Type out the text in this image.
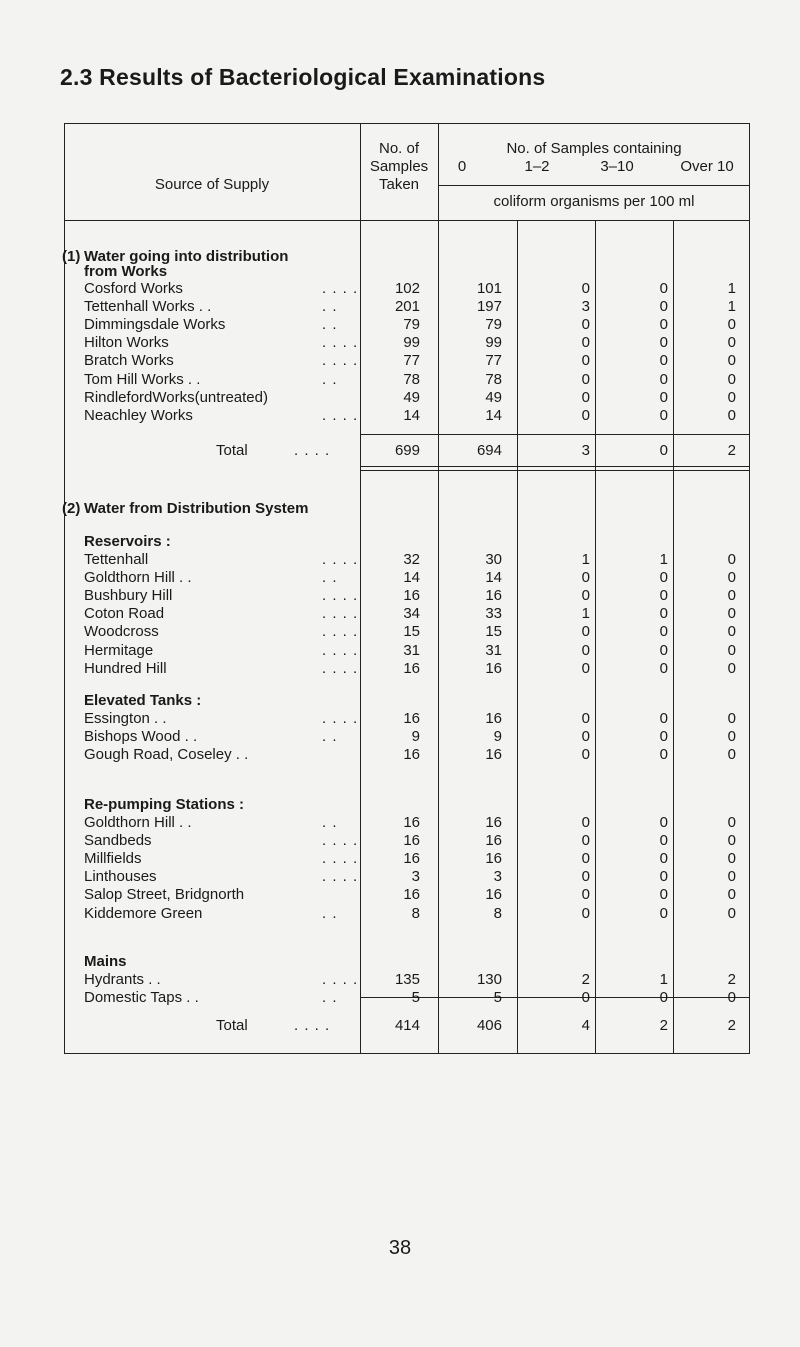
2.3 Results of Bacteriological Examinations
Source of Supply
No. of
Samples
Taken
No. of Samples containing
0	1–2	3–10	Over 10
coliform organisms per 100 ml
(1) Water going into distribution
from Works
(2) Water from Distribution System
Reservoirs :
Elevated Tanks :
Re-pumping Stations :
Mains
Cosford Works	. . . .	102	101	0	0	1
Tettenhall Works . .	. .	201	197	3	0	1
Dimmingsdale Works	. .	79	79	0	0	0
Hilton Works	. . . .	99	99	0	0	0
Bratch Works	. . . .	77	77	0	0	0
Tom Hill Works . .	. .	78	78	0	0	0
RindlefordWorks(untreated)	49	49	0	0	0
Neachley Works	. . . .	14	14	0	0	0
Total	. . . .	699	694	3	0	2
Tettenhall	. . . .	32	30	1	1	0
Goldthorn Hill . .	. .	14	14	0	0	0
Bushbury Hill	. . . .	16	16	0	0	0
Coton Road	. . . .	34	33	1	0	0
Woodcross	. . . .	15	15	0	0	0
Hermitage	. . . .	31	31	0	0	0
Hundred Hill	. . . .	16	16	0	0	0
Essington . .	. . . .	16	16	0	0	0
Bishops Wood . .	. .	9	9	0	0	0
Gough Road, Coseley . .	16	16	0	0	0
Goldthorn Hill . .	. .	16	16	0	0	0
Sandbeds	. . . .	16	16	0	0	0
Millfields	. . . .	16	16	0	0	0
Linthouses	. . . .	3	3	0	0	0
Salop Street, Bridgnorth	16	16	0	0	0
Kiddemore Green	. .	8	8	0	0	0
Hydrants . .	. . . .	135	130	2	1	2
Domestic Taps . .	. .	5	5	0	0	0
Total	. . . .	414	406	4	2	2
38
